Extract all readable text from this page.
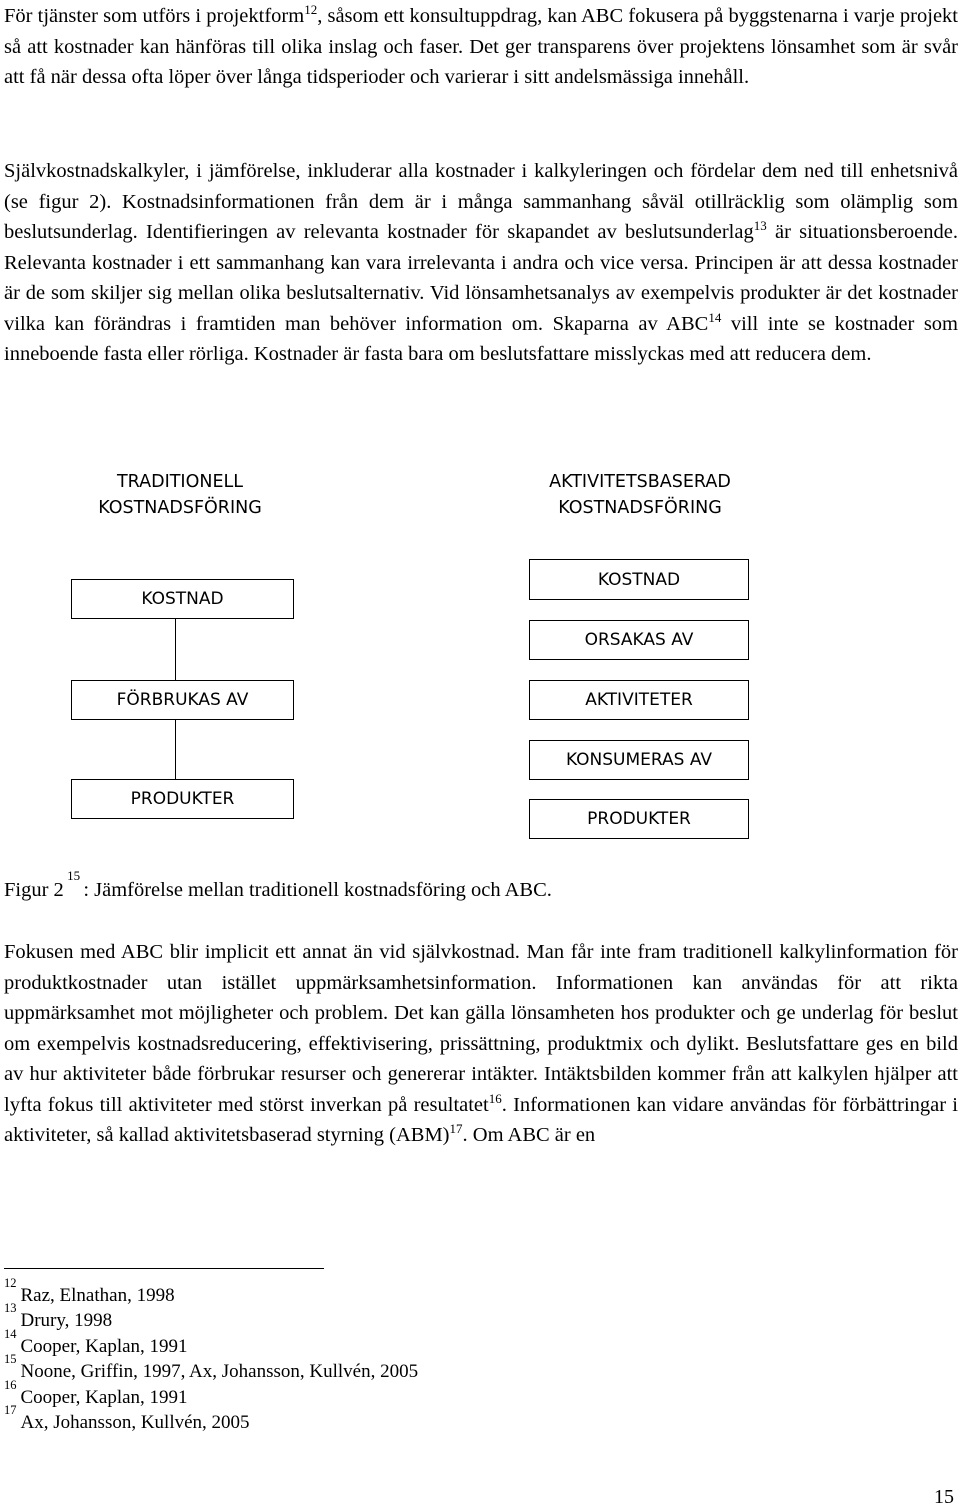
För tjänster som utförs i projektform$^{12}$, såsom ett konsultuppdrag, kan ABC fokusera på byggstenarna i varje projekt så att kostnader kan hänföras till olika inslag och faser. Det ger transparens över projektens lönsamhet som är svår att få när dessa ofta löper över långa tidsperioder och varierar i sitt andelsmässiga innehåll.

Självkostnadskalkyler, i jämförelse, inkluderar alla kostnader i kalkyleringen och fördelar dem ned till enhetsnivå (se figur 2). Kostnadsinformationen från dem är i många sammanhang såväl otillräcklig som olämplig som beslutsunderlag. Identifieringen av relevanta kostnader för skapandet av beslutsunderlag$^{13}$ är situationsberoende. Relevanta kostnader i ett sammanhang kan vara irrelevanta i andra och vice versa. Principen är att dessa kostnader är de som skiljer sig mellan olika beslutsalternativ. Vid lönsamhetsanalys av exempelvis produkter är det kostnader vilka kan förändras i framtiden man behöver information om. Skaparna av ABC$^{14}$ vill inte se kostnader som inneboende fasta eller rörliga. Kostnader är fasta bara om beslutsfattare misslyckas med att reducera dem.

TRADITIONELL
KOSTNADSFÖRING
KOSTNAD
FÖRBRUKAS AV
PRODUKTER
AKTIVITETSBASERAD
KOSTNADSFÖRING
KOSTNAD
ORSAKAS AV
AKTIVITETER
KONSUMERAS AV
PRODUKTER
Figur 2 $^{15}$ : Jämförelse mellan traditionell kostnadsföring och ABC.

Fokusen med ABC blir implicit ett annat än vid självkostnad. Man får inte fram traditionell kalkylinformation för produktkostnader utan istället uppmärksamhetsinformation. Informationen kan användas för att rikta uppmärksamhet mot möjligheter och problem. Det kan gälla lönsamheten hos produkter och ge underlag för beslut om exempelvis kostnadsreducering, effektivisering, prissättning, produktmix och dylikt. Beslutsfattare ges en bild av hur aktiviteter både förbrukar resurser och genererar intäkter. Intäktsbilden kommer från att kalkylen hjälper att lyfta fokus till aktiviteter med störst inverkan på resultatet$^{16}$. Informationen kan vidare användas för förbättringar i aktiviteter, så kallad aktivitetsbaserad styrning (ABM)$^{17}$. Om ABC är en

$^{12}$Raz, Elnathan, 1998
$^{13}$Drury, 1998
$^{14}$Cooper, Kaplan, 1991
$^{15}$Noone, Griffin, 1997, Ax, Johansson, Kullvén, 2005
$^{16}$Cooper, Kaplan, 1991
$^{17}$Ax, Johansson, Kullvén, 2005
15
